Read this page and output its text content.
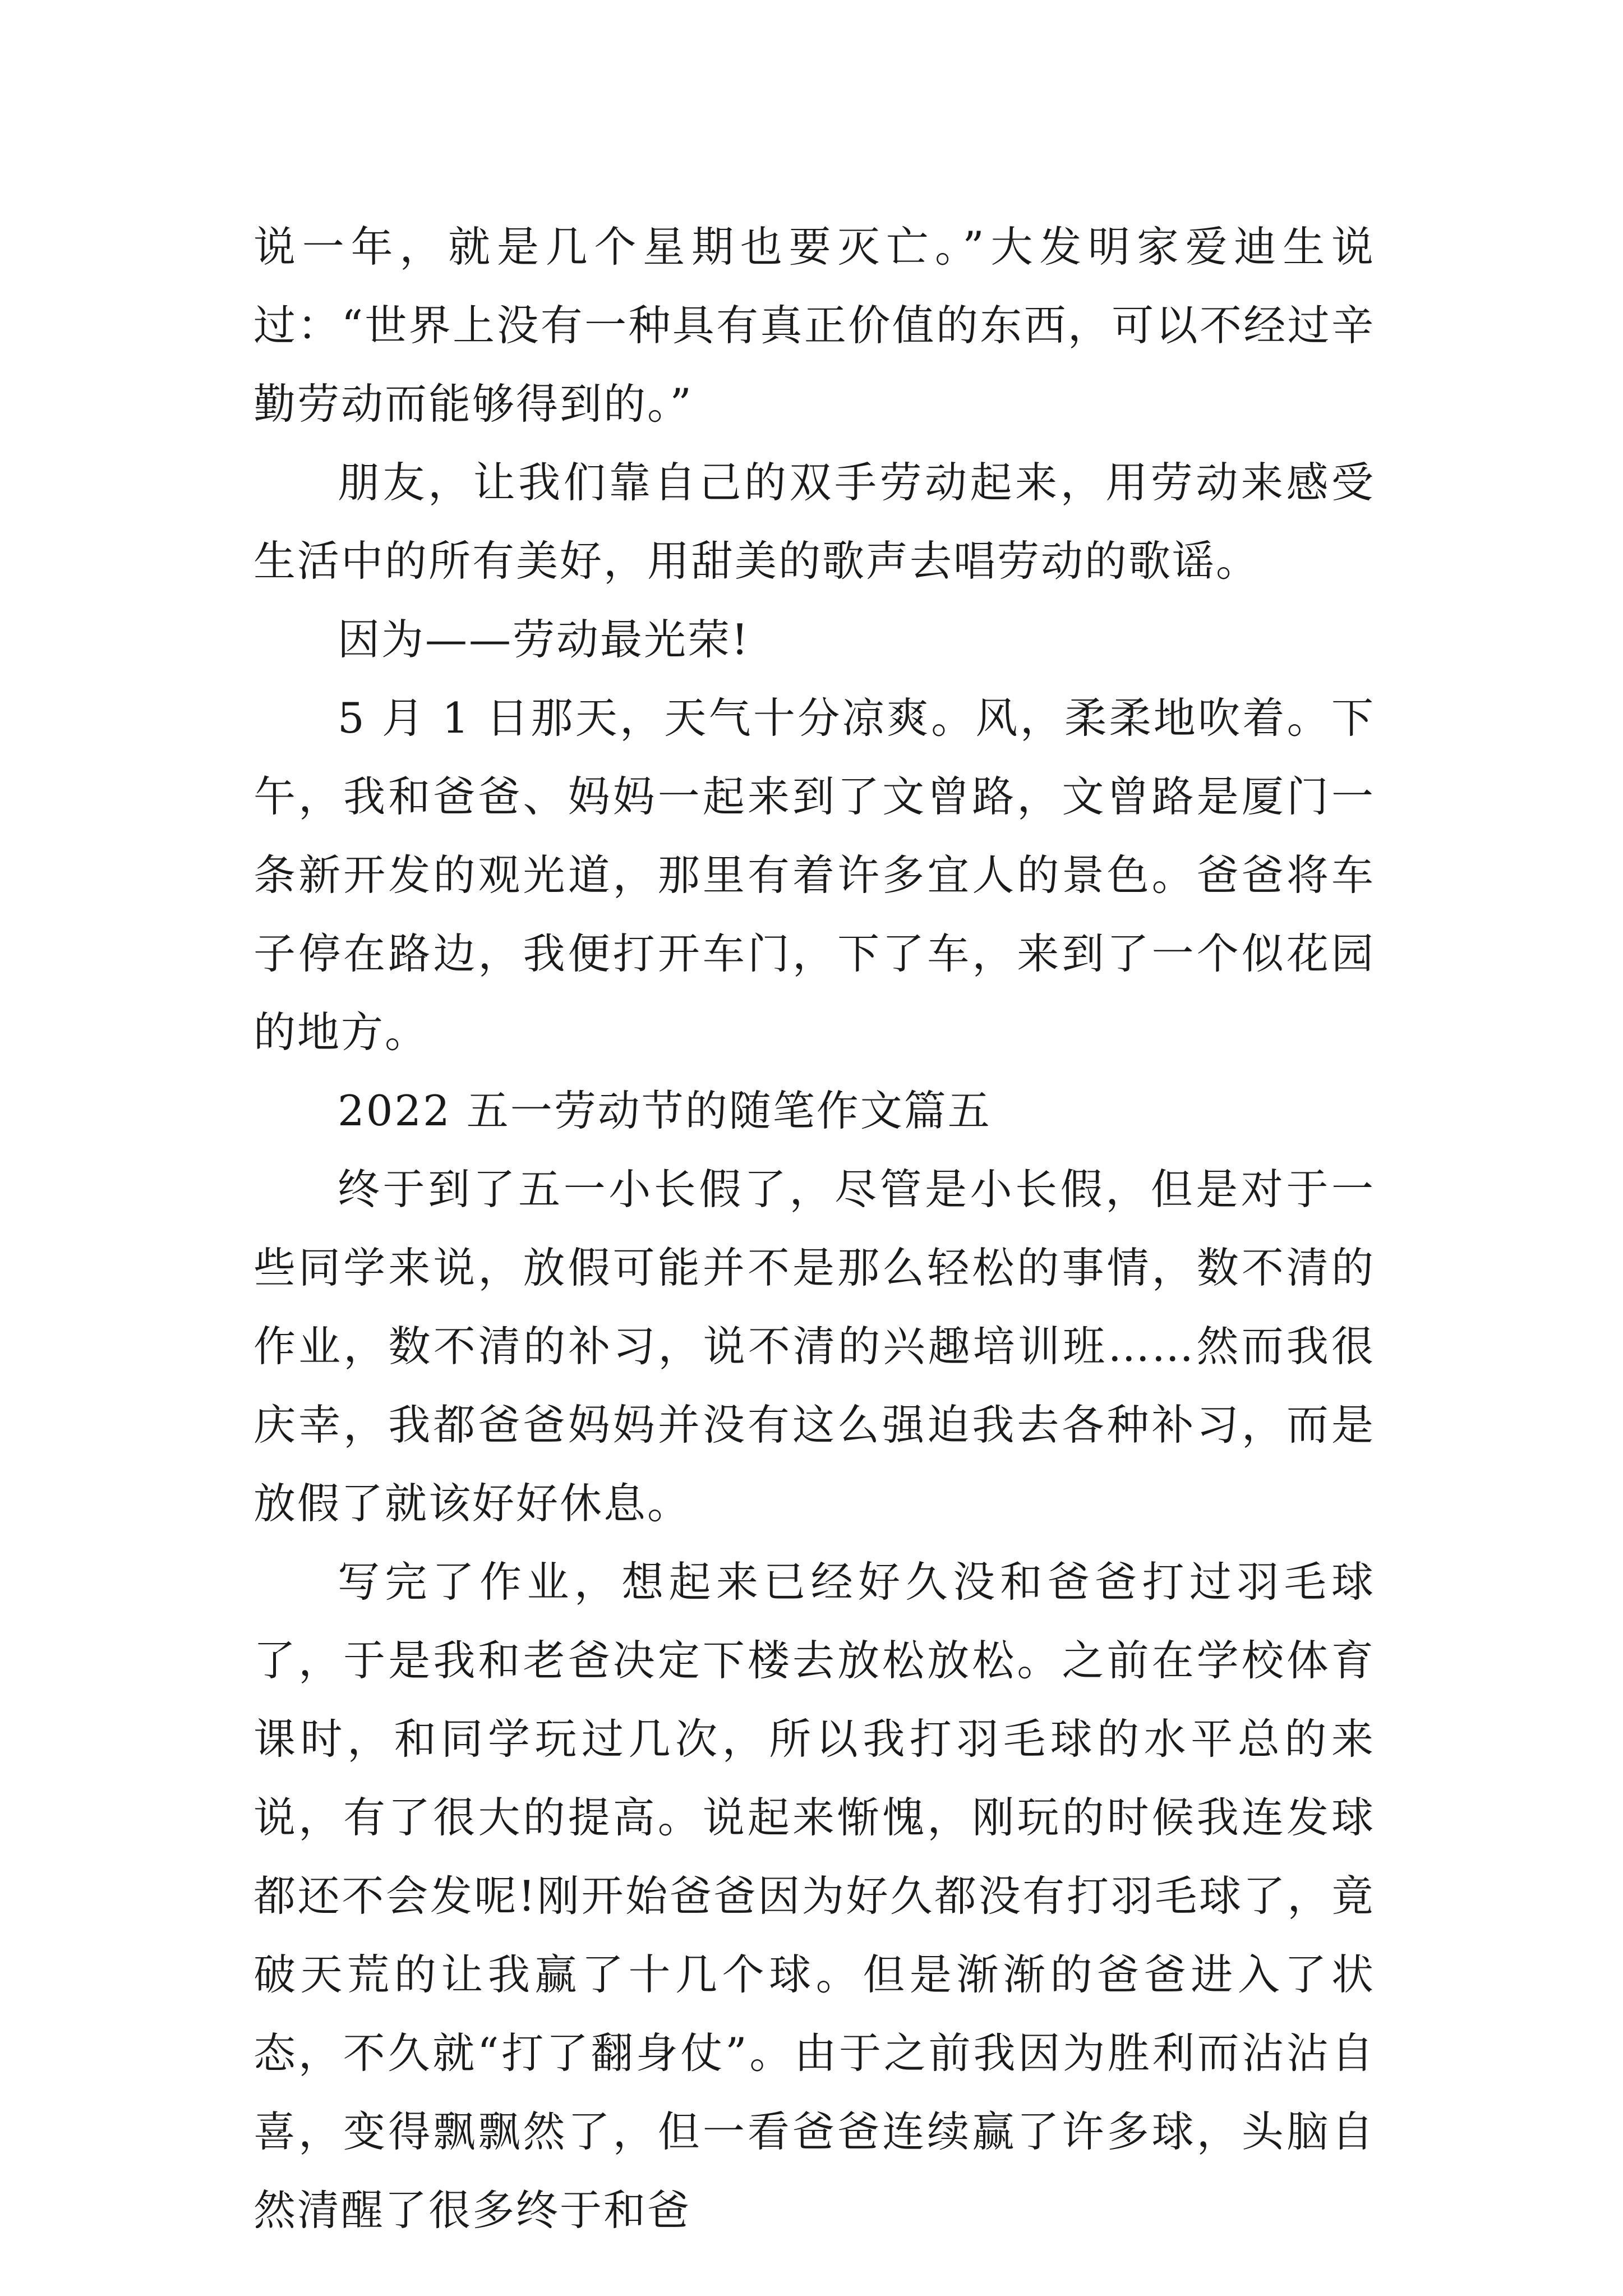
说一年，就是几个星期也要灭亡。”大发明家爱迪生说过：“世界上没有一种具有真正价值的东西，可以不经过辛勤劳动而能够得到的。”

朋友，让我们靠自己的双手劳动起来，用劳动来感受生活中的所有美好，用甜美的歌声去唱劳动的歌谣。

因为——劳动最光荣!

5 月 1 日那天，天气十分凉爽。风，柔柔地吹着。下午，我和爸爸、妈妈一起来到了文曾路，文曾路是厦门一条新开发的观光道，那里有着许多宜人的景色。爸爸将车子停在路边，我便打开车门，下了车，来到了一个似花园的地方。

2022 五一劳动节的随笔作文篇五

终于到了五一小长假了，尽管是小长假，但是对于一些同学来说，放假可能并不是那么轻松的事情，数不清的作业，数不清的补习，说不清的兴趣培训班……然而我很庆幸，我都爸爸妈妈并没有这么强迫我去各种补习，而是放假了就该好好休息。

写完了作业，想起来已经好久没和爸爸打过羽毛球了，于是我和老爸决定下楼去放松放松。之前在学校体育课时，和同学玩过几次，所以我打羽毛球的水平总的来说，有了很大的提高。说起来惭愧，刚玩的时候我连发球都还不会发呢!刚开始爸爸因为好久都没有打羽毛球了，竟破天荒的让我赢了十几个球。但是渐渐的爸爸进入了状态，不久就“打了翻身仗”。由于之前我因为胜利而沾沾自喜，变得飘飘然了，但一看爸爸连续赢了许多球，头脑自然清醒了很多终于和爸
